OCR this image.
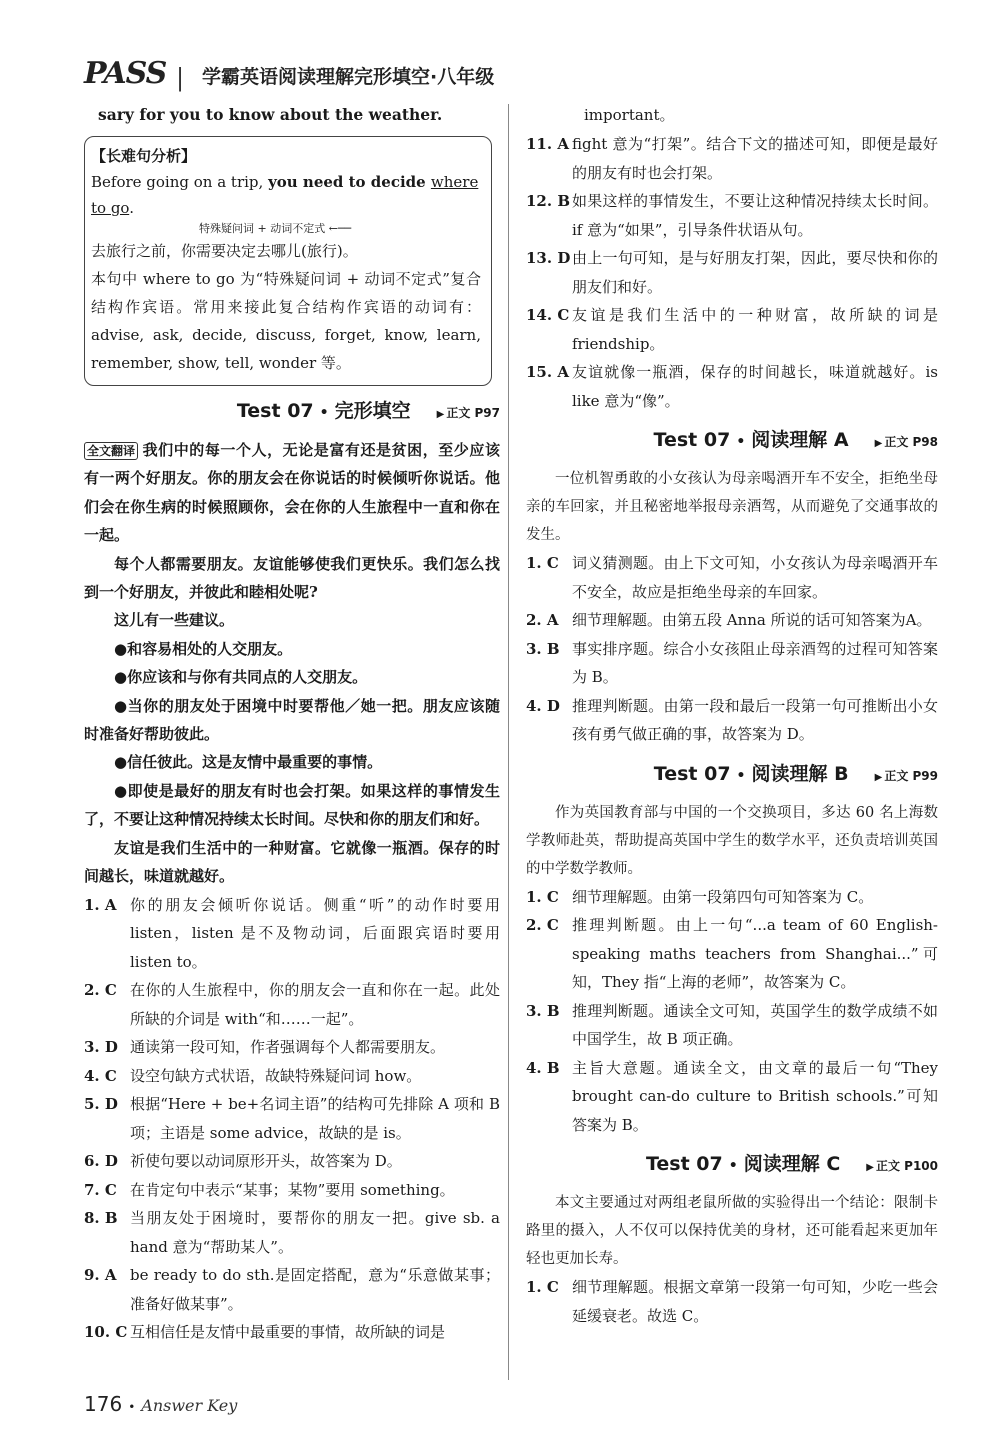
PASS | 学霸英语阅读理解完形填空·八年级

sary for you to know about the weather.

【长难句分析】
Before going on a trip, you need to decide where to go.
特殊疑问词 + 动词不定式 ←──
去旅行之前，你需要决定去哪儿(旅行)。
本句中 where to go 为“特殊疑问词 + 动词不定式”复合结构作宾语。常用来接此复合结构作宾语的动词有：advise, ask, decide, discuss, forget, know, learn, remember, show, tell, wonder 等。
Test 07 • 完形填空	▶ 正文 P97

全文翻译 我们中的每一个人，无论是富有还是贫困，至少应该有一两个好朋友。你的朋友会在你说话的时候倾听你说话。他们会在你生病的时候照顾你，会在你的人生旅程中一直和你在一起。

每个人都需要朋友。友谊能够使我们更快乐。我们怎么找到一个好朋友，并彼此和睦相处呢?

这儿有一些建议。

●和容易相处的人交朋友。

●你应该和与你有共同点的人交朋友。

●当你的朋友处于困境中时要帮他／她一把。朋友应该随时准备好帮助彼此。

●信任彼此。这是友情中最重要的事情。

●即使是最好的朋友有时也会打架。如果这样的事情发生了，不要让这种情况持续太长时间。尽快和你的朋友们和好。

友谊是我们生活中的一种财富。它就像一瓶酒。保存的时间越长，味道就越好。

1. A 你的朋友会倾听你说话。侧重“听”的动作时要用 listen，listen 是不及物动词，后面跟宾语时要用 listen to。
2. C 在你的人生旅程中，你的朋友会一直和你在一起。此处所缺的介词是 with“和……一起”。
3. D 通读第一段可知，作者强调每个人都需要朋友。
4. C 设空句缺方式状语，故缺特殊疑问词 how。
5. D 根据“Here + be+名词主语”的结构可先排除 A 项和 B 项；主语是 some advice，故缺的是 is。
6. D 祈使句要以动词原形开头，故答案为 D。
7. C 在肯定句中表示“某事；某物”要用 something。
8. B 当朋友处于困境时，要帮你的朋友一把。give sb. a hand 意为“帮助某人”。
9. A be ready to do sth.是固定搭配，意为“乐意做某事；准备好做某事”。
10. C 互相信任是友情中最重要的事情，故所缺的词是

important。

11. A fight 意为“打架”。结合下文的描述可知，即便是最好的朋友有时也会打架。
12. B 如果这样的事情发生，不要让这种情况持续太长时间。if 意为“如果”，引导条件状语从句。
13. D 由上一句可知，是与好朋友打架，因此，要尽快和你的朋友们和好。
14. C 友谊是我们生活中的一种财富，故所缺的词是 friendship。
15. A 友谊就像一瓶酒，保存的时间越长，味道就越好。is like 意为“像”。
Test 07 • 阅读理解 A	▶ 正文 P98

一位机智勇敢的小女孩认为母亲喝酒开车不安全，拒绝坐母亲的车回家，并且秘密地举报母亲酒驾，从而避免了交通事故的发生。

1. C 词义猜测题。由上下文可知，小女孩认为母亲喝酒开车不安全，故应是拒绝坐母亲的车回家。
2. A 细节理解题。由第五段 Anna 所说的话可知答案为A。
3. B 事实排序题。综合小女孩阻止母亲酒驾的过程可知答案为 B。
4. D 推理判断题。由第一段和最后一段第一句可推断出小女孩有勇气做正确的事，故答案为 D。
Test 07 • 阅读理解 B	▶ 正文 P99

作为英国教育部与中国的一个交换项目，多达 60 名上海数学教师赴英，帮助提高英国中学生的数学水平，还负责培训英国的中学数学教师。

1. C 细节理解题。由第一段第四句可知答案为 C。
2. C 推理判断题。由上一句“...a team of 60 English-speaking maths teachers from Shanghai...”可知，They 指“上海的老师”，故答案为 C。
3. B 推理判断题。通读全文可知，英国学生的数学成绩不如中国学生，故 B 项正确。
4. B 主旨大意题。通读全文，由文章的最后一句“They brought can-do culture to British schools.”可知答案为 B。
Test 07 • 阅读理解 C	▶ 正文 P100

本文主要通过对两组老鼠所做的实验得出一个结论：限制卡路里的摄入，人不仅可以保持优美的身材，还可能看起来更加年轻也更加长寿。

1. C 细节理解题。根据文章第一段第一句可知，少吃一些会延缓衰老。故选 C。
176 • Answer Key
